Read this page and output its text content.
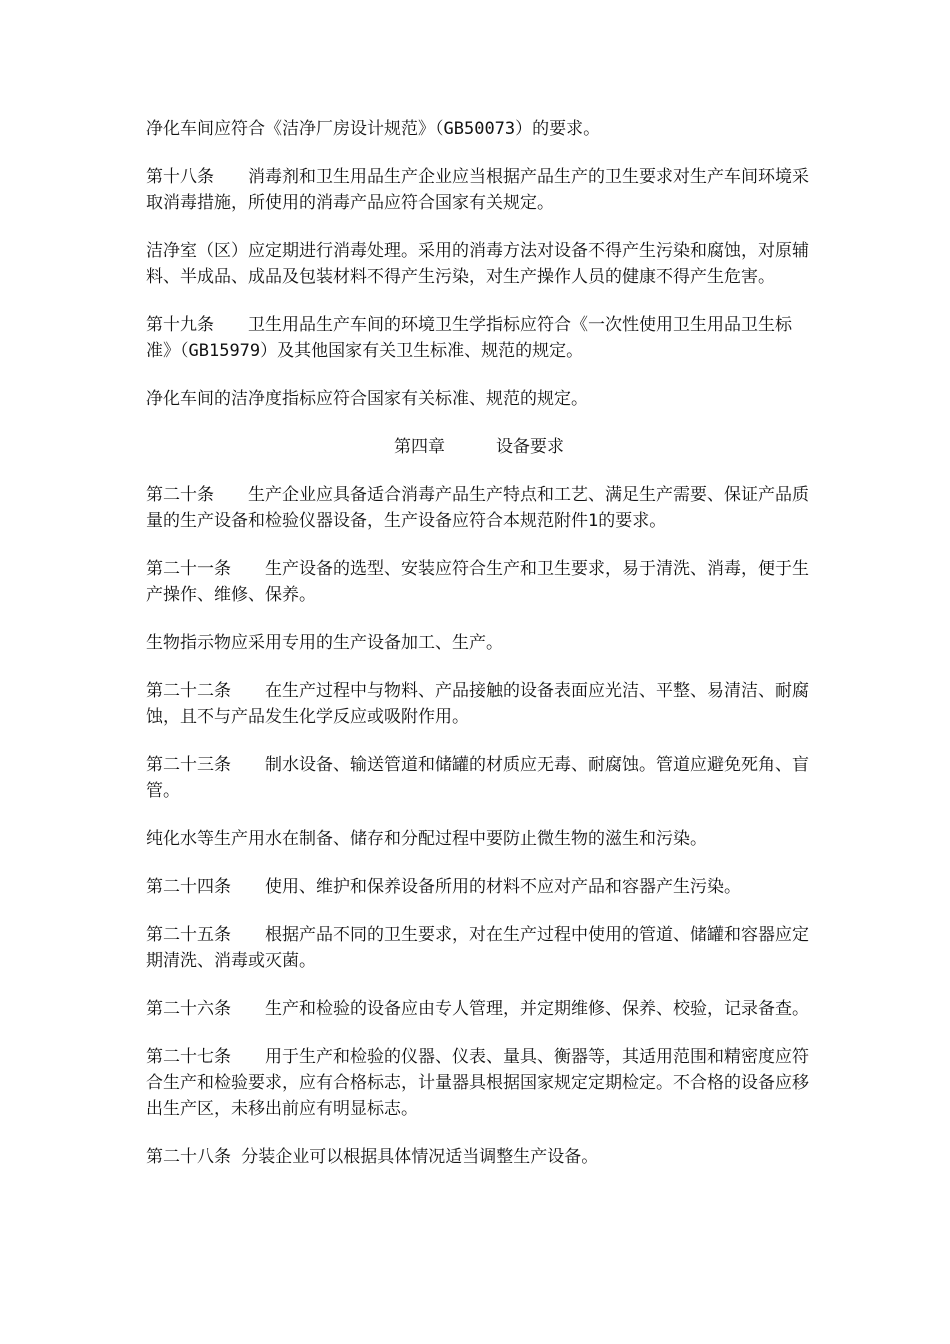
净化车间应符合《洁净厂房设计规范》（GB50073）的要求。

第十八条　　消毒剂和卫生用品生产企业应当根据产品生产的卫生要求对生产车间环境采取消毒措施，所使用的消毒产品应符合国家有关规定。

洁净室（区）应定期进行消毒处理。采用的消毒方法对设备不得产生污染和腐蚀，对原辅料、半成品、成品及包装材料不得产生污染，对生产操作人员的健康不得产生危害。

第十九条　　卫生用品生产车间的环境卫生学指标应符合《一次性使用卫生用品卫生标准》（GB15979）及其他国家有关卫生标准、规范的规定。

净化车间的洁净度指标应符合国家有关标准、规范的规定。

第四章　　　设备要求

第二十条　　生产企业应具备适合消毒产品生产特点和工艺、满足生产需要、保证产品质量的生产设备和检验仪器设备，生产设备应符合本规范附件1的要求。

第二十一条　　生产设备的选型、安装应符合生产和卫生要求，易于清洗、消毒，便于生产操作、维修、保养。

生物指示物应采用专用的生产设备加工、生产。

第二十二条　　在生产过程中与物料、产品接触的设备表面应光洁、平整、易清洁、耐腐蚀，且不与产品发生化学反应或吸附作用。

第二十三条　　制水设备、输送管道和储罐的材质应无毒、耐腐蚀。管道应避免死角、盲管。

纯化水等生产用水在制备、储存和分配过程中要防止微生物的滋生和污染。

第二十四条　　使用、维护和保养设备所用的材料不应对产品和容器产生污染。

第二十五条　　根据产品不同的卫生要求，对在生产过程中使用的管道、储罐和容器应定期清洗、消毒或灭菌。

第二十六条　　生产和检验的设备应由专人管理，并定期维修、保养、校验，记录备查。

第二十七条　　用于生产和检验的仪器、仪表、量具、衡器等，其适用范围和精密度应符合生产和检验要求，应有合格标志，计量器具根据国家规定定期检定。不合格的设备应移出生产区，未移出前应有明显标志。

第二十八条 分装企业可以根据具体情况适当调整生产设备。
